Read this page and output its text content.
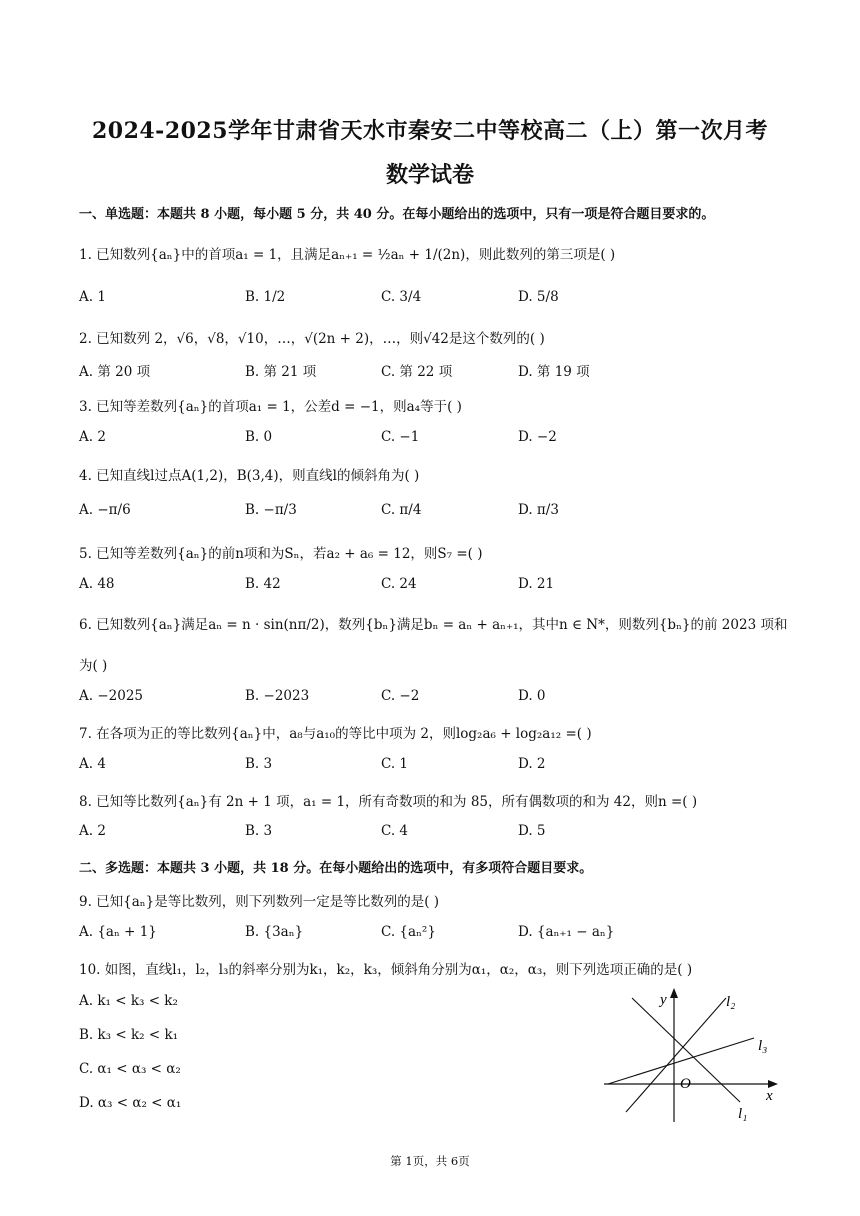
2024-2025学年甘肃省天水市秦安二中等校高二（上）第一次月考
数学试卷
一、单选题：本题共 8 小题，每小题 5 分，共 40 分。在每小题给出的选项中，只有一项是符合题目要求的。
1. 已知数列{aₙ}中的首项a₁ = 1，且满足aₙ₊₁ = ½aₙ + 1/(2n)，则此数列的第三项是( )
A. 1	B. 1/2	C. 3/4	D. 5/8
2. 已知数列 2，√6，√8，√10，…，√(2n + 2)，…，则√42是这个数列的( )
A. 第 20 项	B. 第 21 项	C. 第 22 项	D. 第 19 项
3. 已知等差数列{aₙ}的首项a₁ = 1，公差d = −1，则a₄等于( )
A. 2	B. 0	C. −1	D. −2
4. 已知直线l过点A(1,2)，B(3,4)，则直线l的倾斜角为( )
A. −π/6	B. −π/3	C. π/4	D. π/3
5. 已知等差数列{aₙ}的前n项和为Sₙ，若a₂ + a₆ = 12，则S₇ =( )
A. 48	B. 42	C. 24	D. 21
6. 已知数列{aₙ}满足aₙ = n · sin(nπ/2)，数列{bₙ}满足bₙ = aₙ + aₙ₊₁，其中n ∈ N*，则数列{bₙ}的前 2023 项和
为( )
A. −2025	B. −2023	C. −2	D. 0
7. 在各项为正的等比数列{aₙ}中，a₈与a₁₀的等比中项为 2，则log₂a₆ + log₂a₁₂ =( )
A. 4	B. 3	C. 1	D. 2
8. 已知等比数列{aₙ}有 2n + 1 项，a₁ = 1，所有奇数项的和为 85，所有偶数项的和为 42，则n =( )
A. 2	B. 3	C. 4	D. 5
二、多选题：本题共 3 小题，共 18 分。在每小题给出的选项中，有多项符合题目要求。
9. 已知{aₙ}是等比数列，则下列数列一定是等比数列的是( )
A. {aₙ + 1}	B. {3aₙ}	C. {aₙ²}	D. {aₙ₊₁ − aₙ}
10. 如图，直线l₁，l₂，l₃的斜率分别为k₁，k₂，k₃，倾斜角分别为α₁，α₂，α₃，则下列选项正确的是( )
A. k₁ < k₃ < k₂
B. k₃ < k₂ < k₁
C. α₁ < α₃ < α₂
D. α₃ < α₂ < α₁
y
x
O
l₁
l₂
l₃
第 1页，共 6页
